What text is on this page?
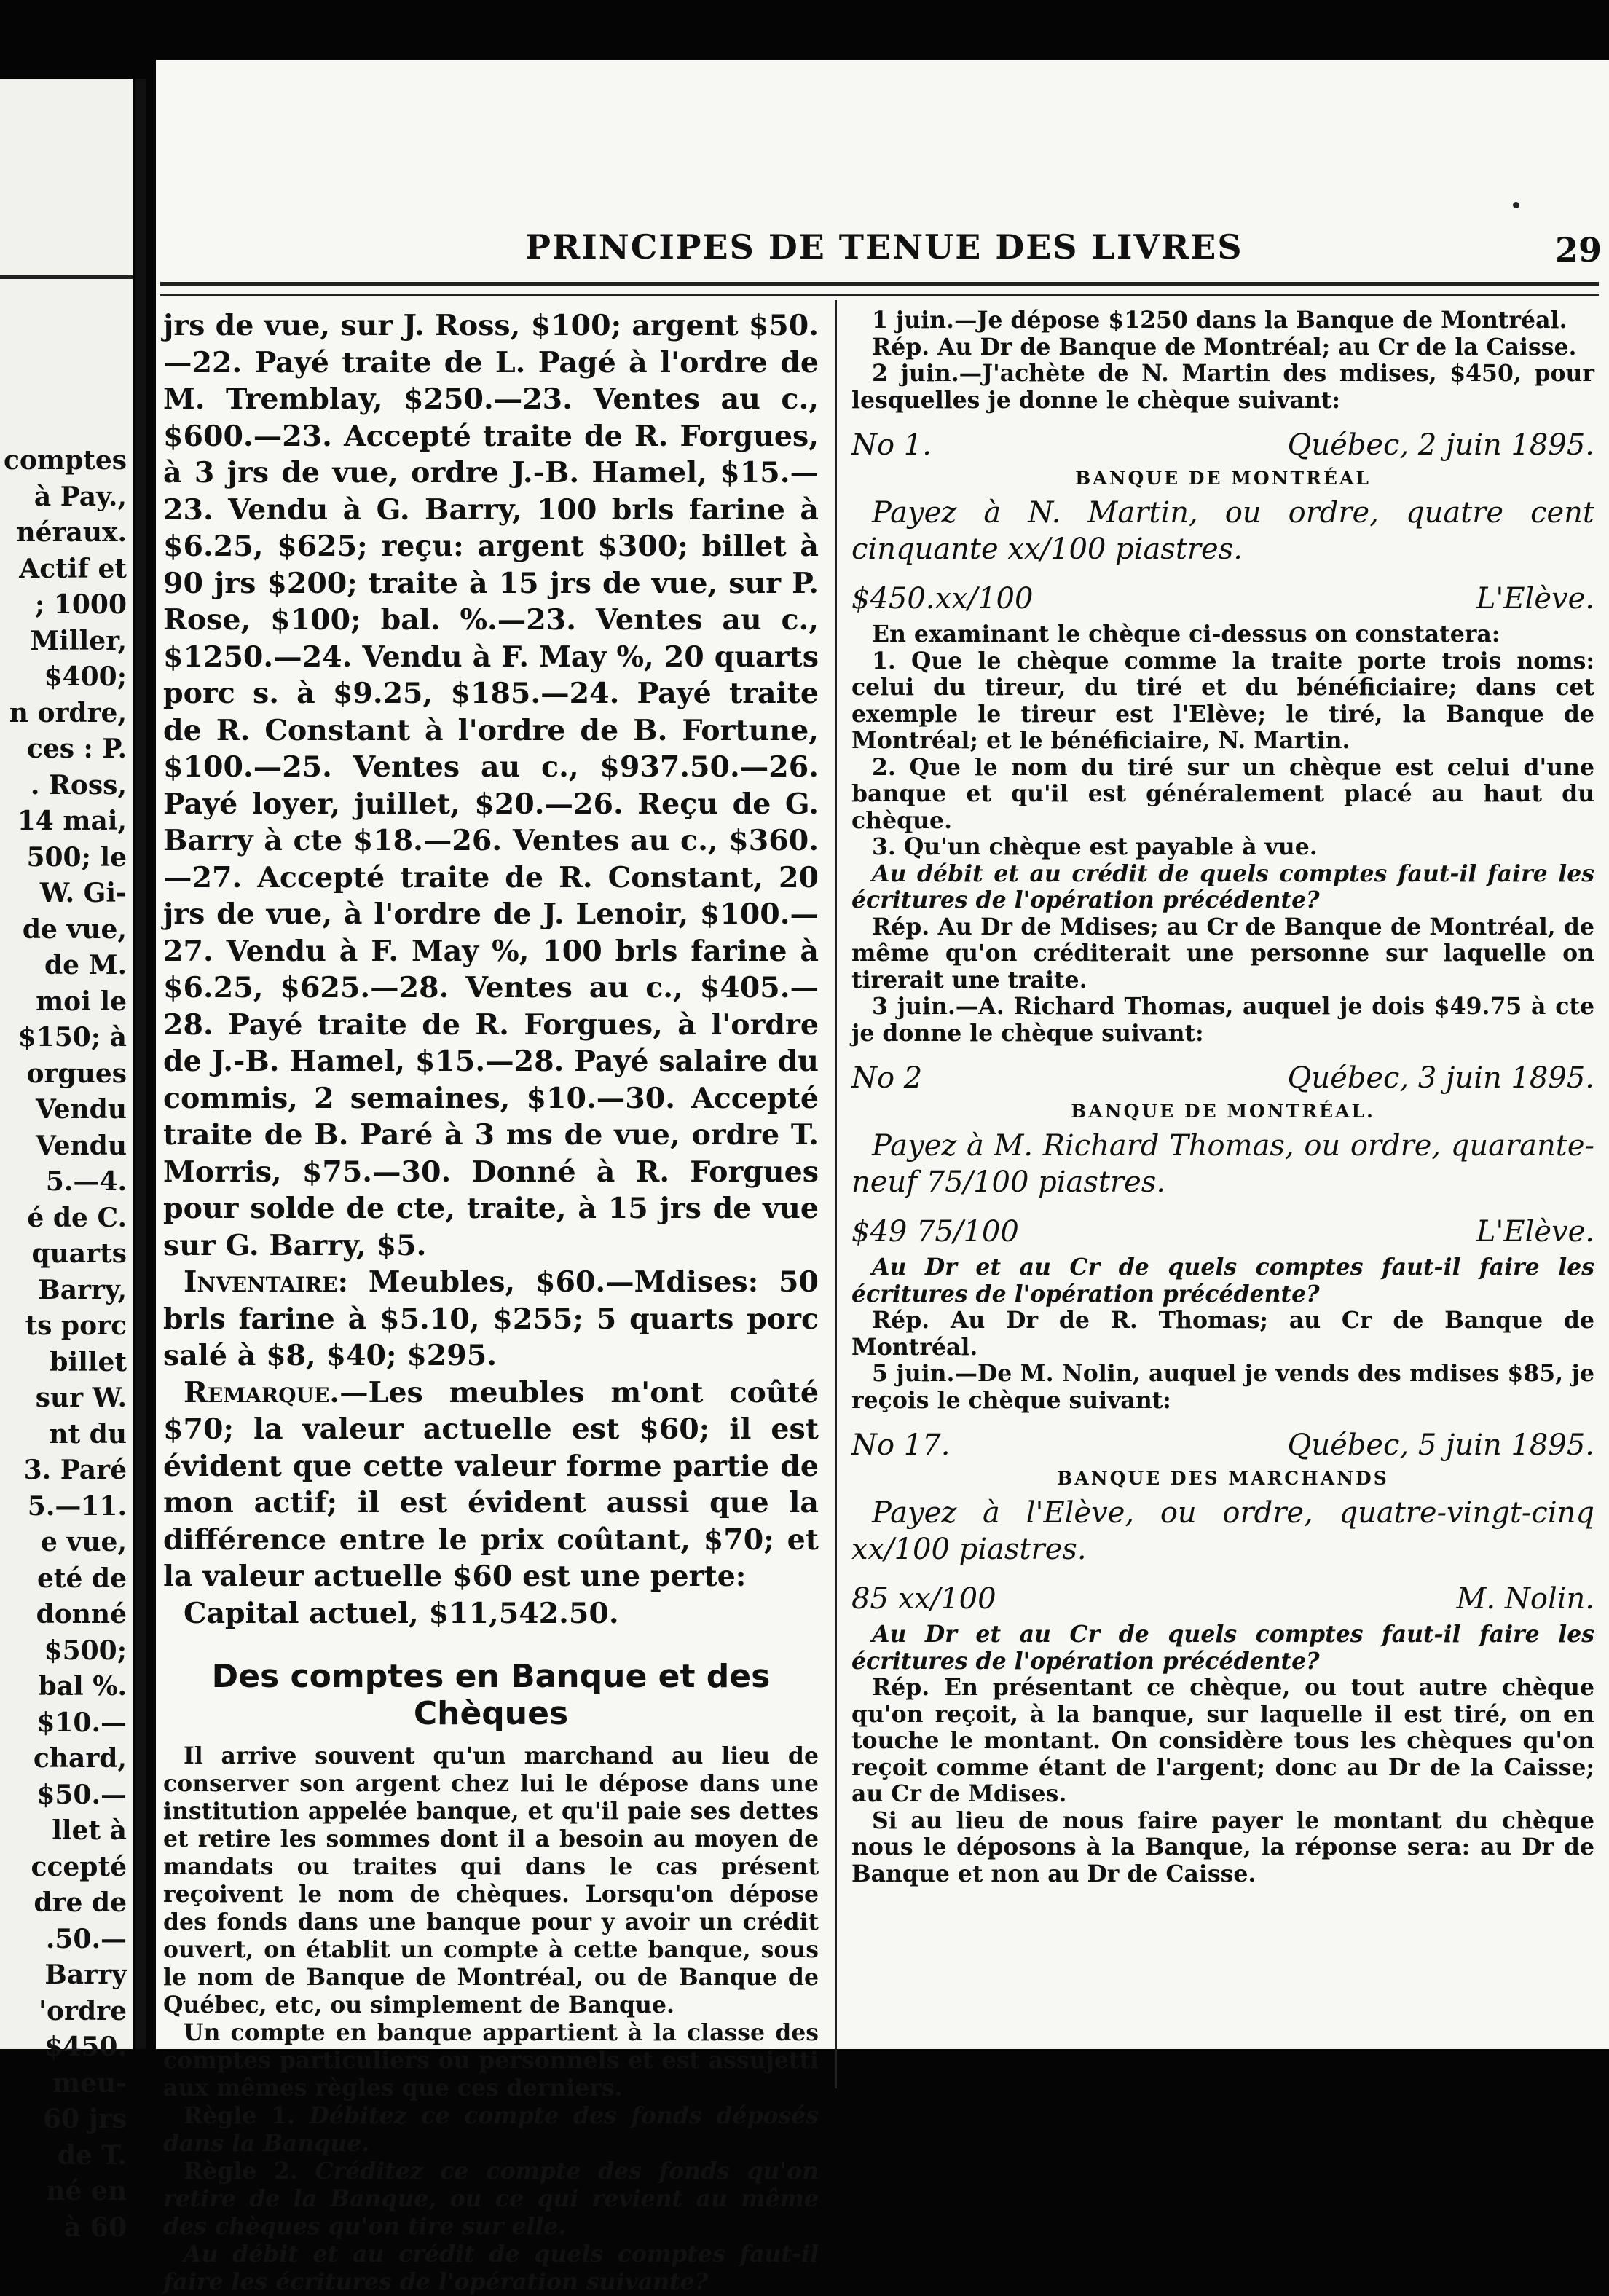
comptes
à Pay.,
néraux.
Actif et
; 1000
Miller,
$400;
n ordre,
ces : P.
. Ross,
14 mai,
500; le
W. Gi-
de vue,
de M.
moi le
$150; à
orgues
Vendu
Vendu
5.—4.
é de C.
quarts
Barry,
ts porc
billet
sur W.
nt du
3. Paré
5.—11.
e vue,
eté de
donné
$500;
bal %.
$10.—
chard,
$50.—
llet à
ccepté
dre de
.50.—
Barry
'ordre
$450.
meu-
60 jrs
de T.
né en
à 60
PRINCIPES DE TENUE DES LIVRES	29

jrs de vue, sur J. Ross, $100; argent $50.—22. Payé traite de L. Pagé à l'ordre de M. Tremblay, $250.—23. Ventes au c., $600.—23. Accepté traite de R. Forgues, à 3 jrs de vue, ordre J.-B. Hamel, $15.—23. Vendu à G. Barry, 100 brls farine à $6.25, $625; reçu: argent $300; billet à 90 jrs $200; traite à 15 jrs de vue, sur P. Rose, $100; bal. %.—23. Ventes au c., $1250.—24. Vendu à F. May %, 20 quarts porc s. à $9.25, $185.—24. Payé traite de R. Constant à l'ordre de B. Fortune, $100.—25. Ventes au c., $937.50.—26. Payé loyer, juillet, $20.—26. Reçu de G. Barry à cte $18.—26. Ventes au c., $360.—27. Accepté traite de R. Constant, 20 jrs de vue, à l'ordre de J. Lenoir, $100.—27. Vendu à F. May %, 100 brls farine à $6.25, $625.—28. Ventes au c., $405.—28. Payé traite de R. Forgues, à l'ordre de J.-B. Hamel, $15.—28. Payé salaire du commis, 2 semaines, $10.—30. Accepté traite de B. Paré à 3 ms de vue, ordre T. Morris, $75.—30. Donné à R. Forgues pour solde de cte, traite, à 15 jrs de vue sur G. Barry, $5.

Inventaire: Meubles, $60.—Mdises: 50 brls farine à $5.10, $255; 5 quarts porc salé à $8, $40; $295.

Remarque.—Les meubles m'ont coûté $70; la valeur actuelle est $60; il est évident que cette valeur forme partie de mon actif; il est évident aussi que la différence entre le prix coûtant, $70; et la valeur actuelle $60 est une perte:

Capital actuel, $11,542.50.

Des comptes en Banque et des Chèques

Il arrive souvent qu'un marchand au lieu de conserver son argent chez lui le dépose dans une institution appelée banque, et qu'il paie ses dettes et retire les sommes dont il a besoin au moyen de mandats ou traites qui dans le cas présent reçoivent le nom de chèques. Lorsqu'on dépose des fonds dans une banque pour y avoir un crédit ouvert, on établit un compte à cette banque, sous le nom de Banque de Montréal, ou de Banque de Québec, etc, ou simplement de Banque.

Un compte en banque appartient à la classe des comptes particuliers ou personnels et est assujetti aux mêmes règles que ces derniers.

Règle 1. Débitez ce compte des fonds déposés dans la Banque.

Règle 2. Créditez ce compte des fonds qu'on retire de la Banque, ou ce qui revient au même des chèques qu'on tire sur elle.

Au débit et au crédit de quels comptes faut-il faire les écritures de l'opération suivante?

1 juin.—Je dépose $1250 dans la Banque de Montréal.

Rép. Au Dr de Banque de Montréal; au Cr de la Caisse.

2 juin.—J'achète de N. Martin des mdises, $450, pour lesquelles je donne le chèque suivant:

No 1.	Québec, 2 juin 1895.
BANQUE DE MONTRÉAL

Payez à N. Martin, ou ordre, quatre cent cinquante xx/100 piastres.

$450.xx/100	L'Elève.

En examinant le chèque ci-dessus on constatera:

1. Que le chèque comme la traite porte trois noms: celui du tireur, du tiré et du bénéficiaire; dans cet exemple le tireur est l'Elève; le tiré, la Banque de Montréal; et le bénéficiaire, N. Martin.

2. Que le nom du tiré sur un chèque est celui d'une banque et qu'il est généralement placé au haut du chèque.

3. Qu'un chèque est payable à vue.

Au débit et au crédit de quels comptes faut-il faire les écritures de l'opération précédente?

Rép. Au Dr de Mdises; au Cr de Banque de Montréal, de même qu'on créditerait une personne sur laquelle on tirerait une traite.

3 juin.—A. Richard Thomas, auquel je dois $49.75 à cte je donne le chèque suivant:

No 2	Québec, 3 juin 1895.
BANQUE DE MONTRÉAL.

Payez à M. Richard Thomas, ou ordre, quarante-neuf 75/100 piastres.

$49 75/100	L'Elève.

Au Dr et au Cr de quels comptes faut-il faire les écritures de l'opération précédente?

Rép. Au Dr de R. Thomas; au Cr de Banque de Montréal.

5 juin.—De M. Nolin, auquel je vends des mdises $85, je reçois le chèque suivant:

No 17.	Québec, 5 juin 1895.
BANQUE DES MARCHANDS

Payez à l'Elève, ou ordre, quatre-vingt-cinq xx/100 piastres.

85 xx/100	M. Nolin.

Au Dr et au Cr de quels comptes faut-il faire les écritures de l'opération précédente?

Rép. En présentant ce chèque, ou tout autre chèque qu'on reçoit, à la banque, sur laquelle il est tiré, on en touche le montant. On considère tous les chèques qu'on reçoit comme étant de l'argent; donc au Dr de la Caisse; au Cr de Mdises.

Si au lieu de nous faire payer le montant du chèque nous le déposons à la Banque, la réponse sera: au Dr de Banque et non au Dr de Caisse.
